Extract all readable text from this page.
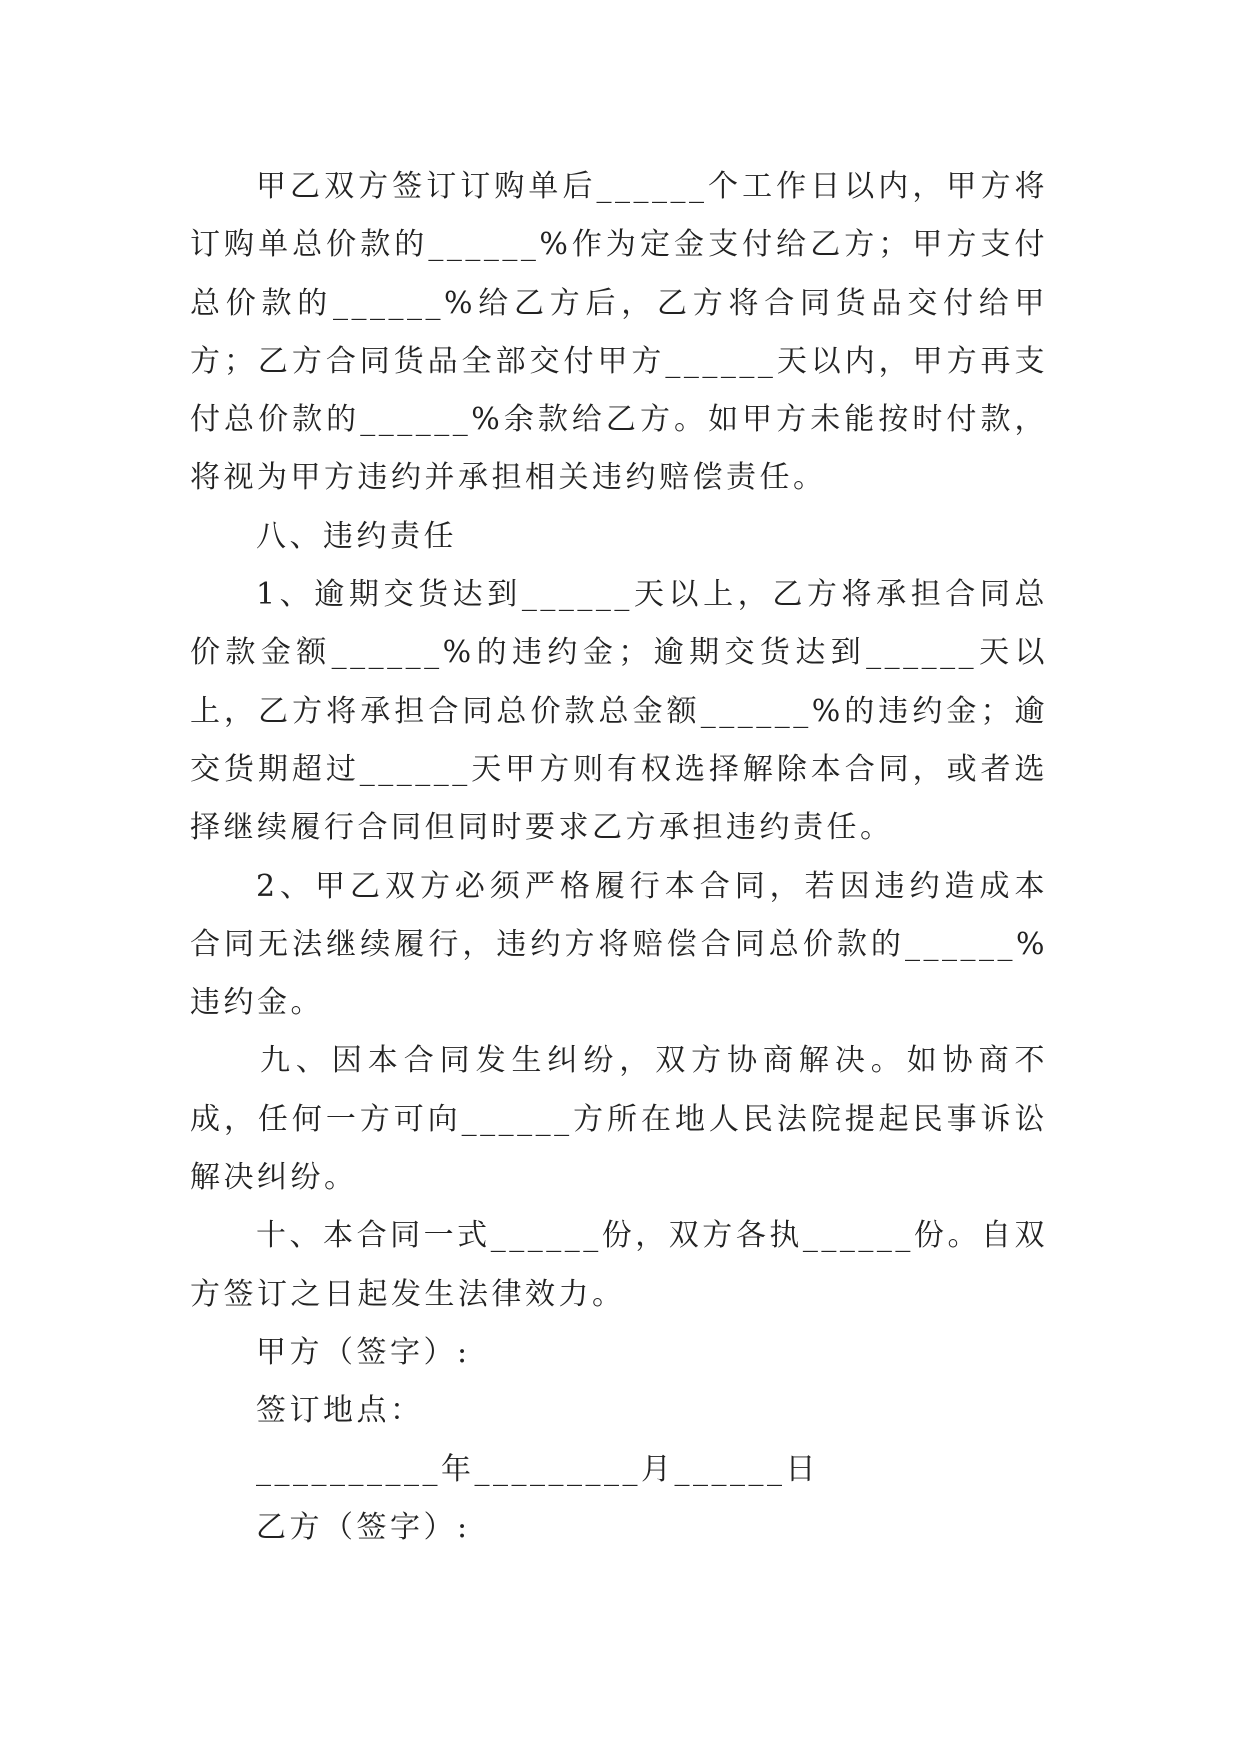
甲乙双方签订订购单后______个工作日以内，甲方将订购单总价款的______%作为定金支付给乙方；甲方支付总价款的______%给乙方后，乙方将合同货品交付给甲方；乙方合同货品全部交付甲方______天以内，甲方再支付总价款的______%余款给乙方。如甲方未能按时付款，将视为甲方违约并承担相关违约赔偿责任。

八、违约责任

1、逾期交货达到______天以上，乙方将承担合同总价款金额______%的违约金；逾期交货达到______天以上，乙方将承担合同总价款总金额______%的违约金；逾交货期超过______天甲方则有权选择解除本合同，或者选择继续履行合同但同时要求乙方承担违约责任。

2、甲乙双方必须严格履行本合同，若因违约造成本合同无法继续履行，违约方将赔偿合同总价款的______%违约金。

九、因本合同发生纠纷，双方协商解决。如协商不成，任何一方可向______方所在地人民法院提起民事诉讼解决纠纷。

十、本合同一式______份，双方各执______份。自双方签订之日起发生法律效力。

甲方（签字）:

签订地点：

__________年_________月______日

乙方（签字）:
